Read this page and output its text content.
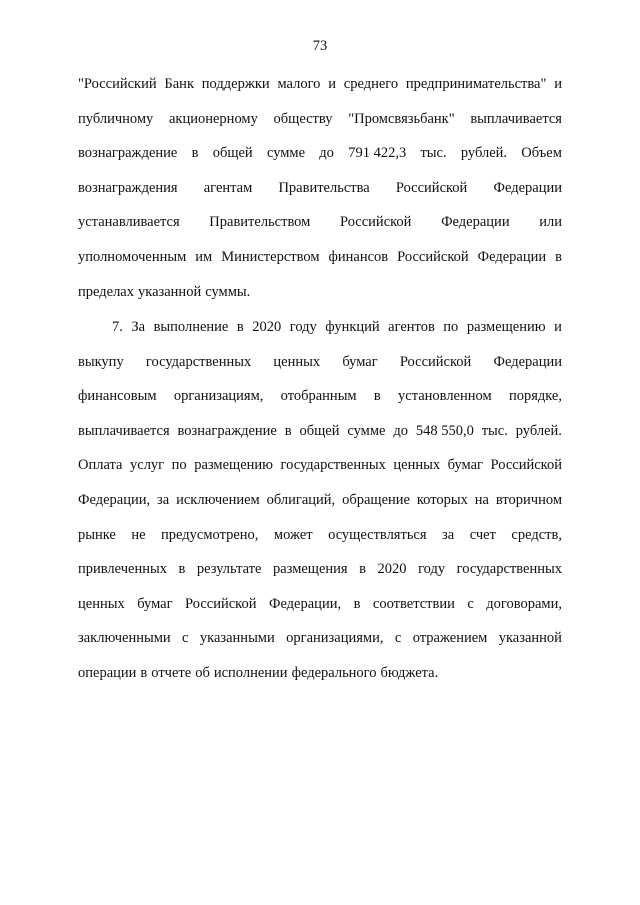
73
"Российский Банк поддержки малого и среднего предпринимательства" и
публичному акционерному обществу "Промсвязьбанк" выплачивается
вознаграждение в общей сумме до 791 422,3 тыс. рублей. Объем
вознаграждения агентам Правительства Российской Федерации
устанавливается Правительством Российской Федерации или
уполномоченным им Министерством финансов Российской Федерации в
пределах указанной суммы.
7. За выполнение в 2020 году функций агентов по размещению и
выкупу государственных ценных бумаг Российской Федерации
финансовым организациям, отобранным в установленном порядке,
выплачивается вознаграждение в общей сумме до 548 550,0 тыс. рублей.
Оплата услуг по размещению государственных ценных бумаг Российской
Федерации, за исключением облигаций, обращение которых на вторичном
рынке не предусмотрено, может осуществляться за счет средств,
привлеченных в результате размещения в 2020 году государственных
ценных бумаг Российской Федерации, в соответствии с договорами,
заключенными с указанными организациями, с отражением указанной
операции в отчете об исполнении федерального бюджета.
